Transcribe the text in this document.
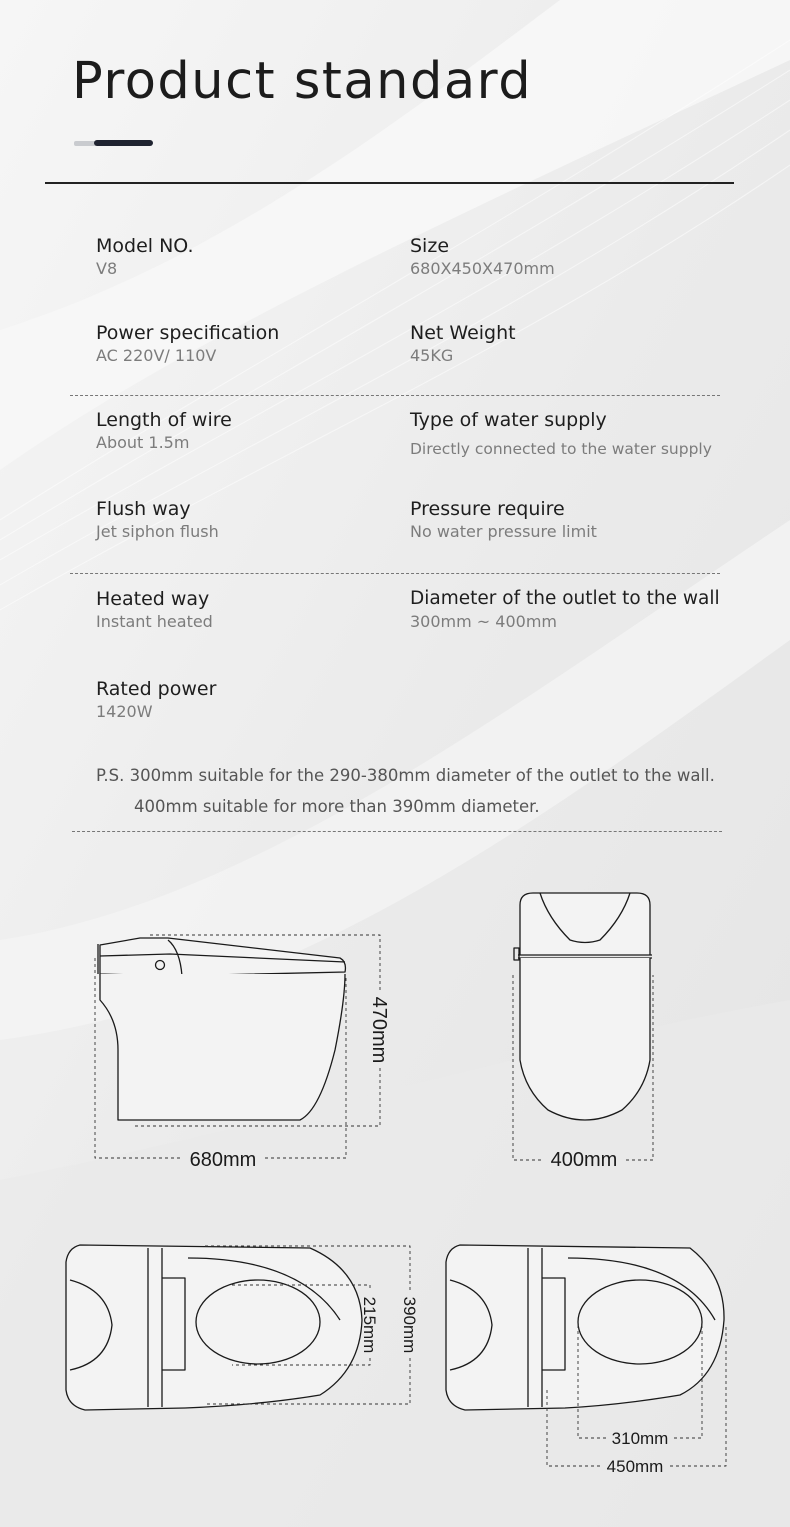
Product standard
Model NO.
V8
Size
680X450X470mm
Power specification
AC 220V/ 110V
Net Weight
45KG
Length of wire
About 1.5m
Type of water supply
Directly connected to the water supply
Flush way
Jet siphon flush
Pressure require
No water pressure limit
Heated way
Instant heated
Diameter of the outlet to the wall
300mm ~ 400mm
Rated power
1420W
P.S. 300mm suitable for the 290-380mm diameter of the outlet to the wall.
400mm suitable for more than 390mm diameter.
680mm
470mm
400mm
215mm 390mm
310mm
450mm
